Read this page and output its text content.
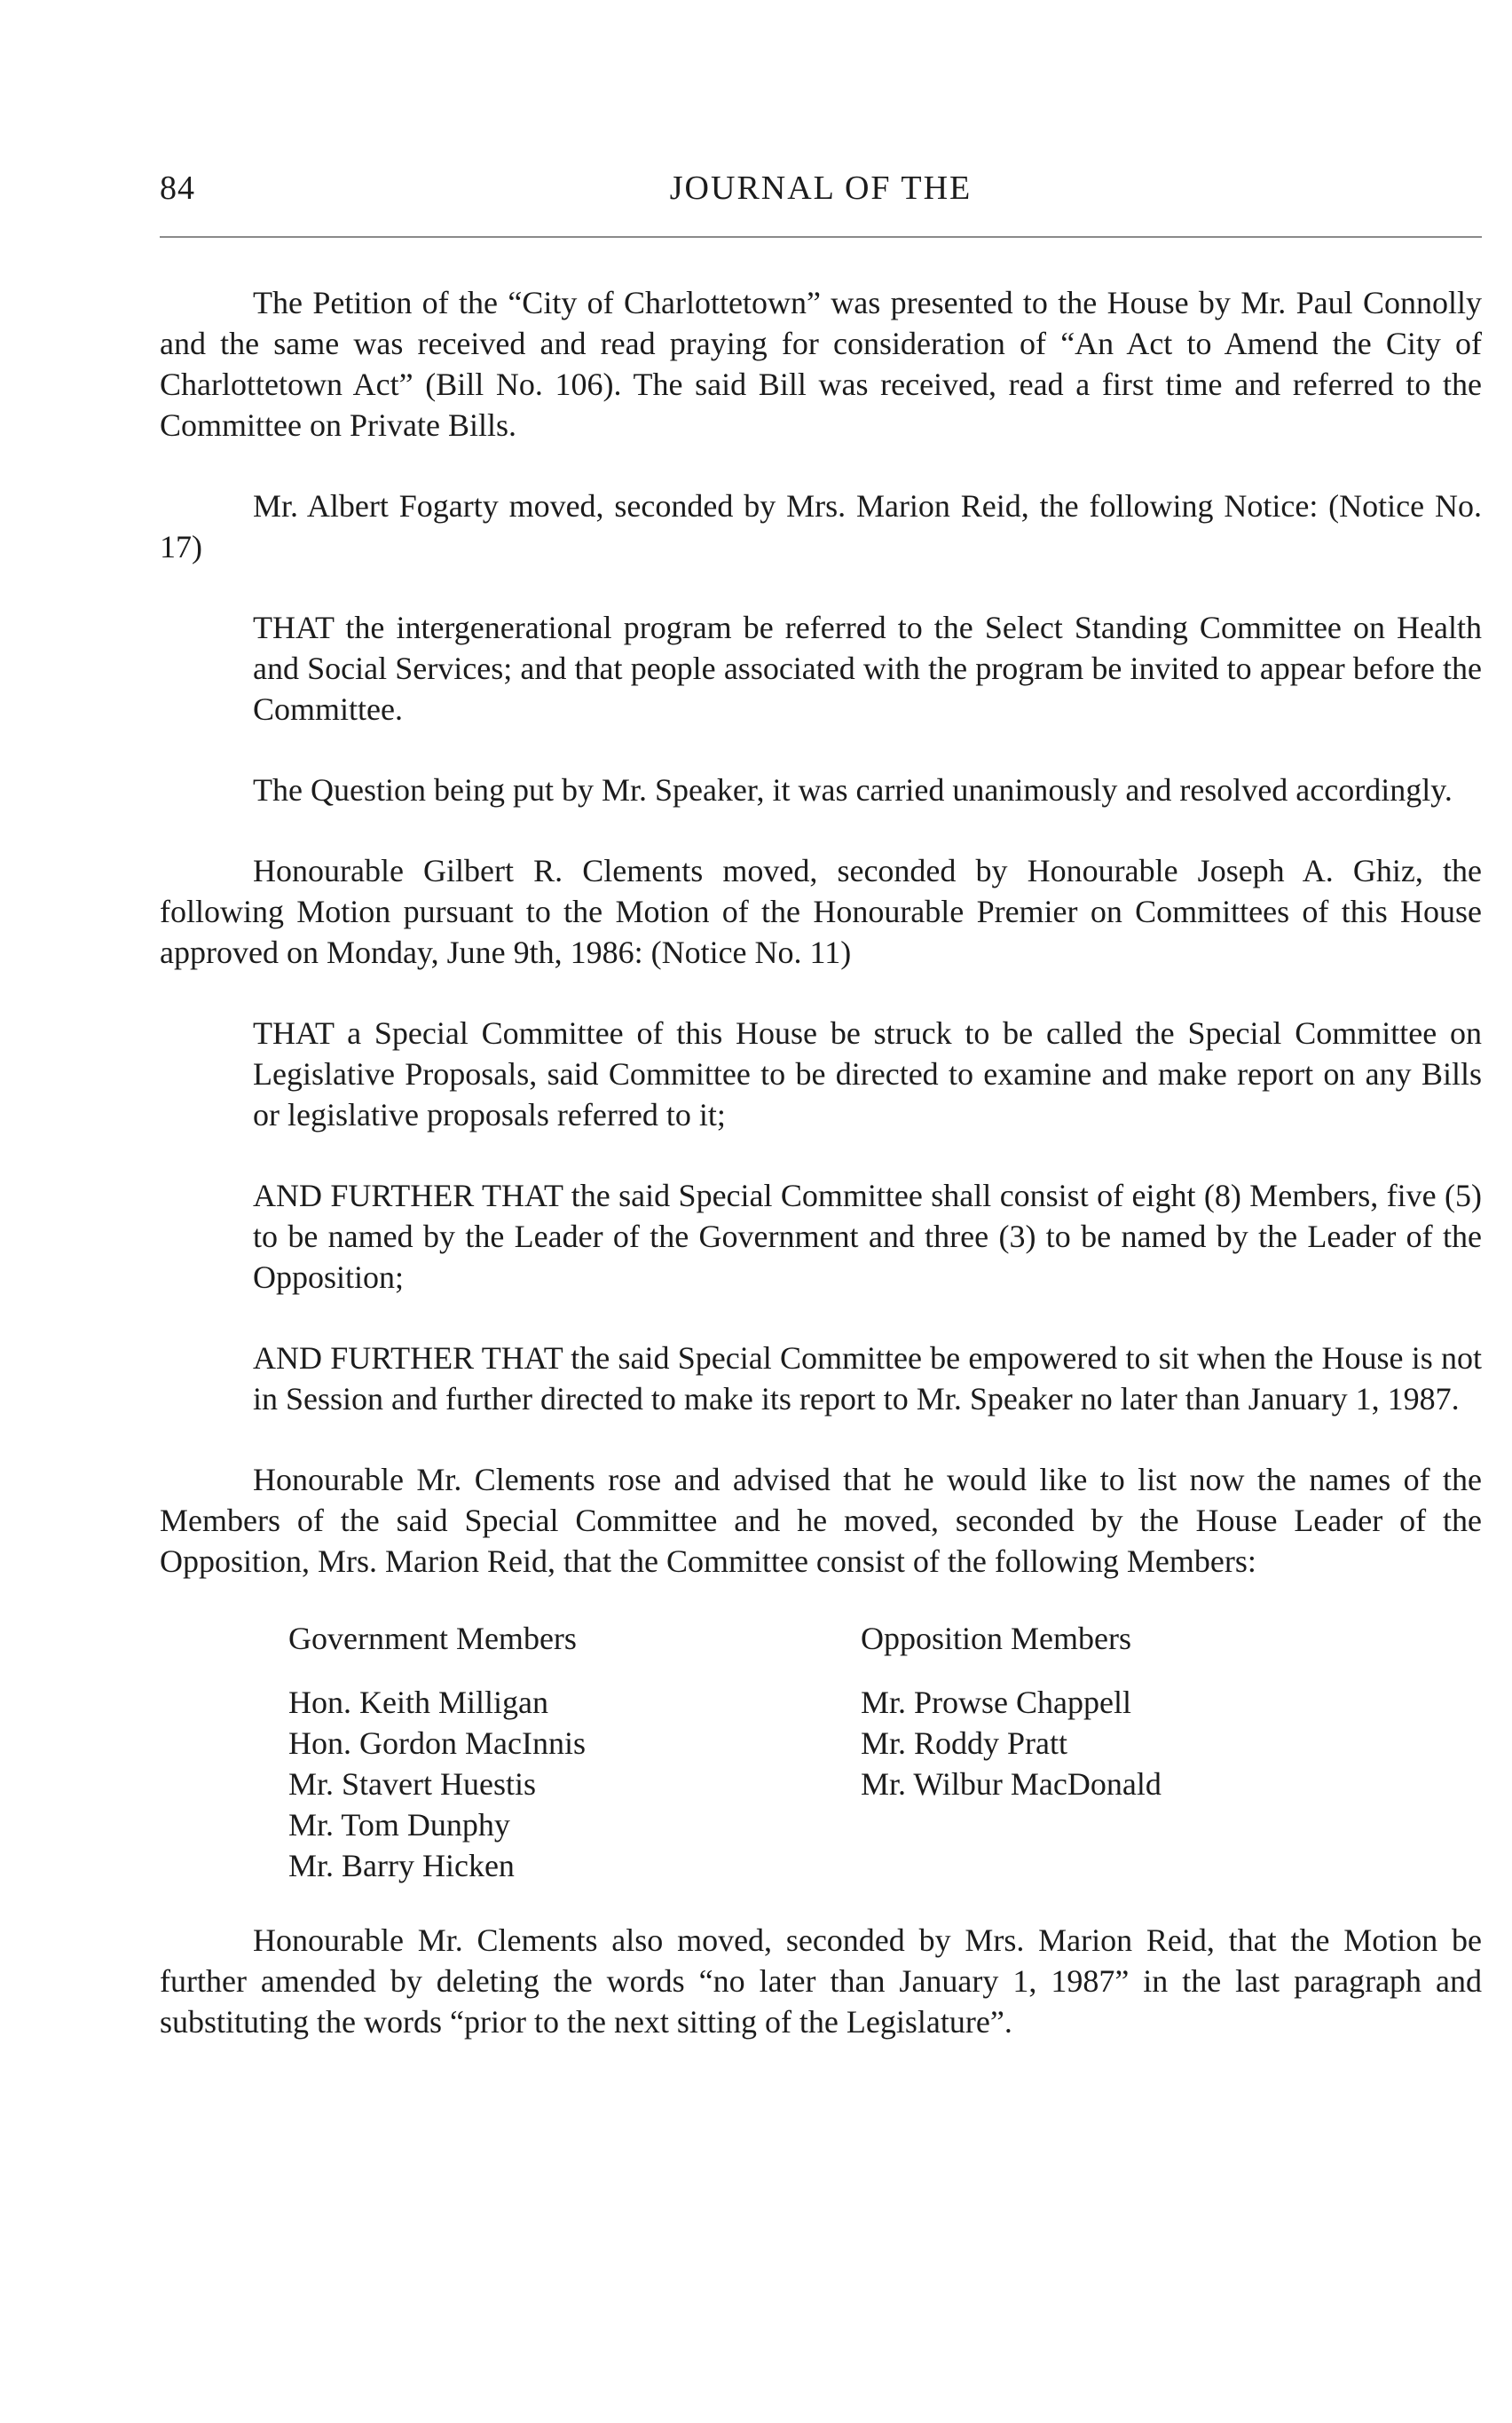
84	JOURNAL OF THE

The Petition of the “City of Charlottetown” was presented to the House by Mr. Paul Connolly and the same was received and read praying for consideration of “An Act to Amend the City of Charlottetown Act” (Bill No. 106). The said Bill was received, read a first time and referred to the Committee on Private Bills.

Mr. Albert Fogarty moved, seconded by Mrs. Marion Reid, the following Notice: (Notice No. 17)

THAT the intergenerational program be referred to the Select Standing Committee on Health and Social Services; and that people associated with the program be invited to appear before the Committee.

The Question being put by Mr. Speaker, it was carried unanimously and resolved accordingly.

Honourable Gilbert R. Clements moved, seconded by Honourable Joseph A. Ghiz, the following Motion pursuant to the Motion of the Honourable Premier on Committees of this House approved on Monday, June 9th, 1986: (Notice No. 11)

THAT a Special Committee of this House be struck to be called the Special Committee on Legislative Proposals, said Committee to be directed to examine and make report on any Bills or legislative proposals referred to it;

AND FURTHER THAT the said Special Committee shall consist of eight (8) Members, five (5) to be named by the Leader of the Government and three (3) to be named by the Leader of the Opposition;

AND FURTHER THAT the said Special Committee be empowered to sit when the House is not in Session and further directed to make its report to Mr. Speaker no later than January 1, 1987.

Honourable Mr. Clements rose and advised that he would like to list now the names of the Members of the said Special Committee and he moved, seconded by the House Leader of the Opposition, Mrs. Marion Reid, that the Committee consist of the following Members:

Government Members
Hon. Keith Milligan
Hon. Gordon MacInnis
Mr. Stavert Huestis
Mr. Tom Dunphy
Mr. Barry Hicken
Opposition Members
Mr. Prowse Chappell
Mr. Roddy Pratt
Mr. Wilbur MacDonald

Honourable Mr. Clements also moved, seconded by Mrs. Marion Reid, that the Motion be further amended by deleting the words “no later than January 1, 1987” in the last paragraph and substituting the words “prior to the next sitting of the Legislature”.
